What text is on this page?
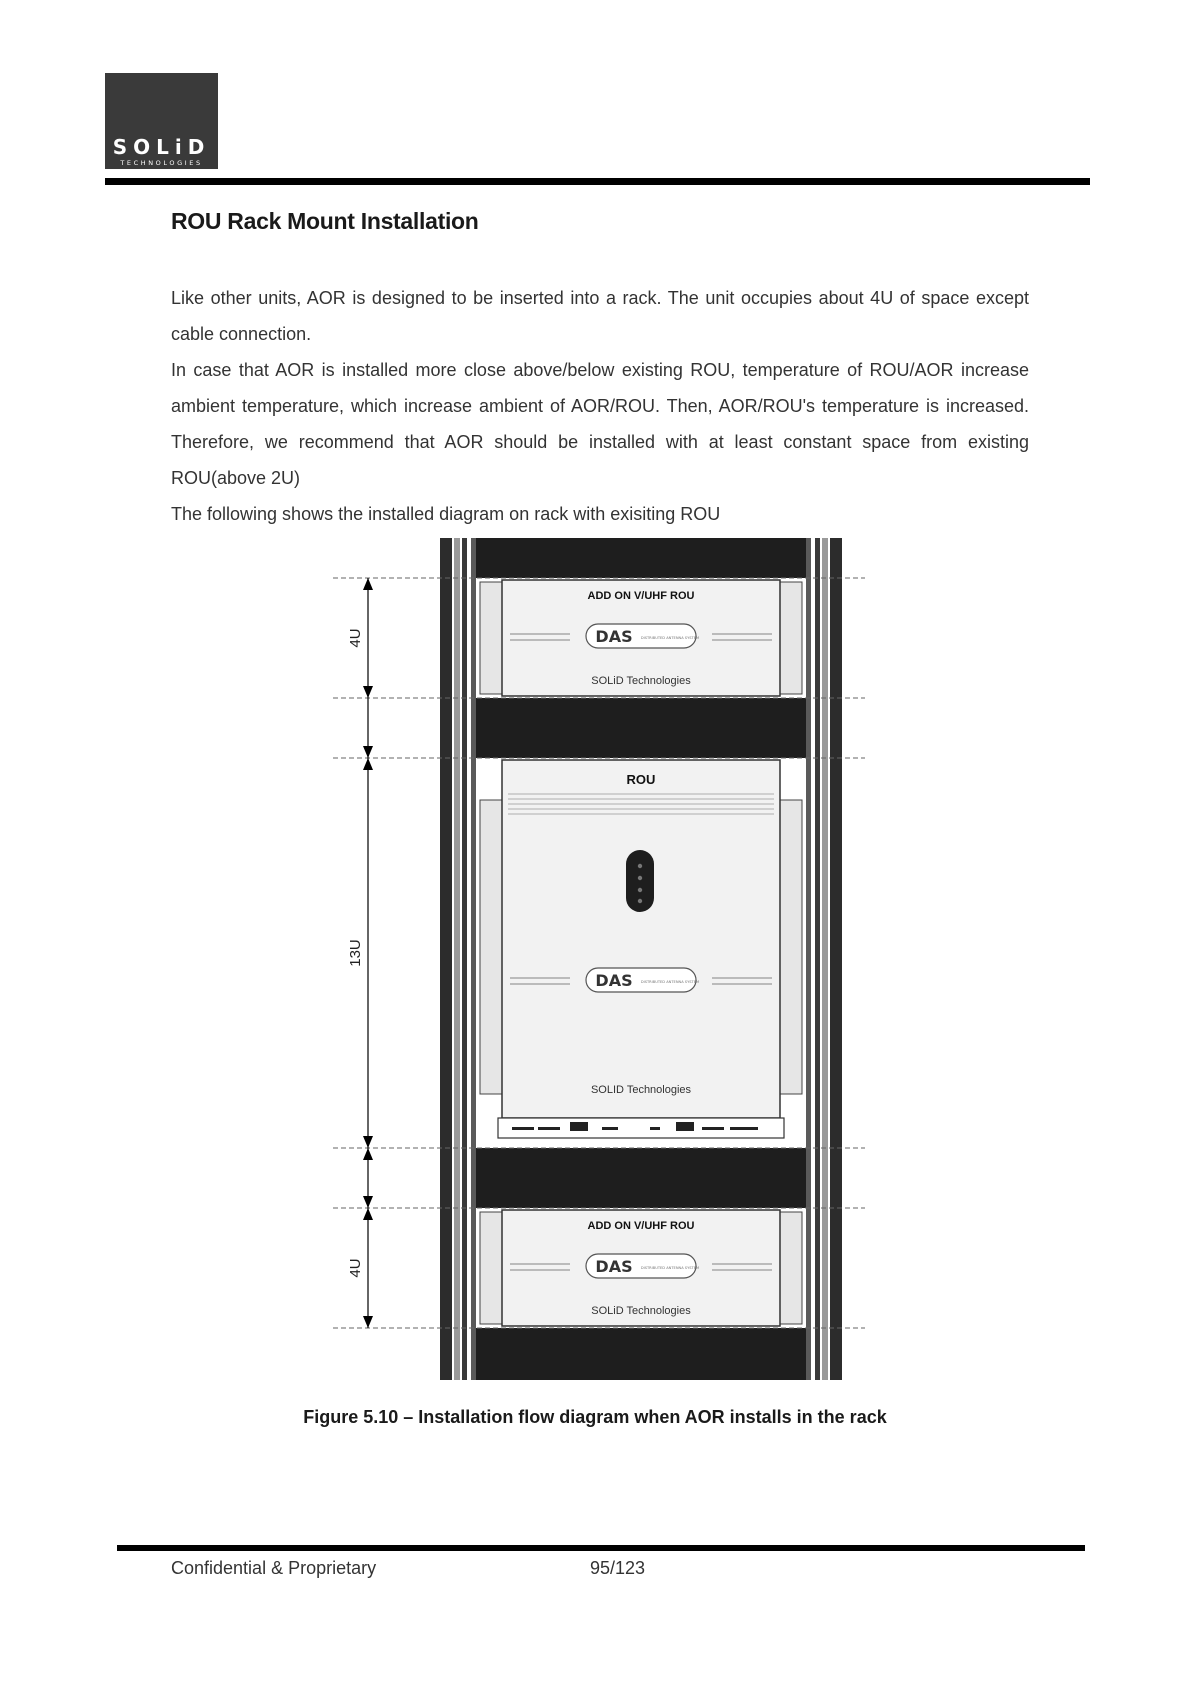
SOLiD
TECHNOLOGIES
ROU Rack Mount Installation

Like other units, AOR is designed to be inserted into a rack. The unit occupies about 4U of space except cable connection.

In case that AOR is installed more close above/below existing ROU, temperature of ROU/AOR increase ambient temperature, which increase ambient of AOR/ROU. Then, AOR/ROU's temperature is increased. Therefore, we recommend that AOR should be installed with at least constant space from existing ROU(above 2U)

The following shows the installed diagram on rack with exisiting ROU

4U
13U
4U
ADD ON V/UHF ROU
DAS DISTRIBUTED ANTENNA SYSTEM
SOLiD Technologies
ROU
DAS DISTRIBUTED ANTENNA SYSTEM
SOLID Technologies
ADD ON V/UHF ROU
DAS DISTRIBUTED ANTENNA SYSTEM
SOLiD Technologies

Figure 5.10 – Installation flow diagram when AOR installs in the rack

Confidential & Proprietary	95/123
